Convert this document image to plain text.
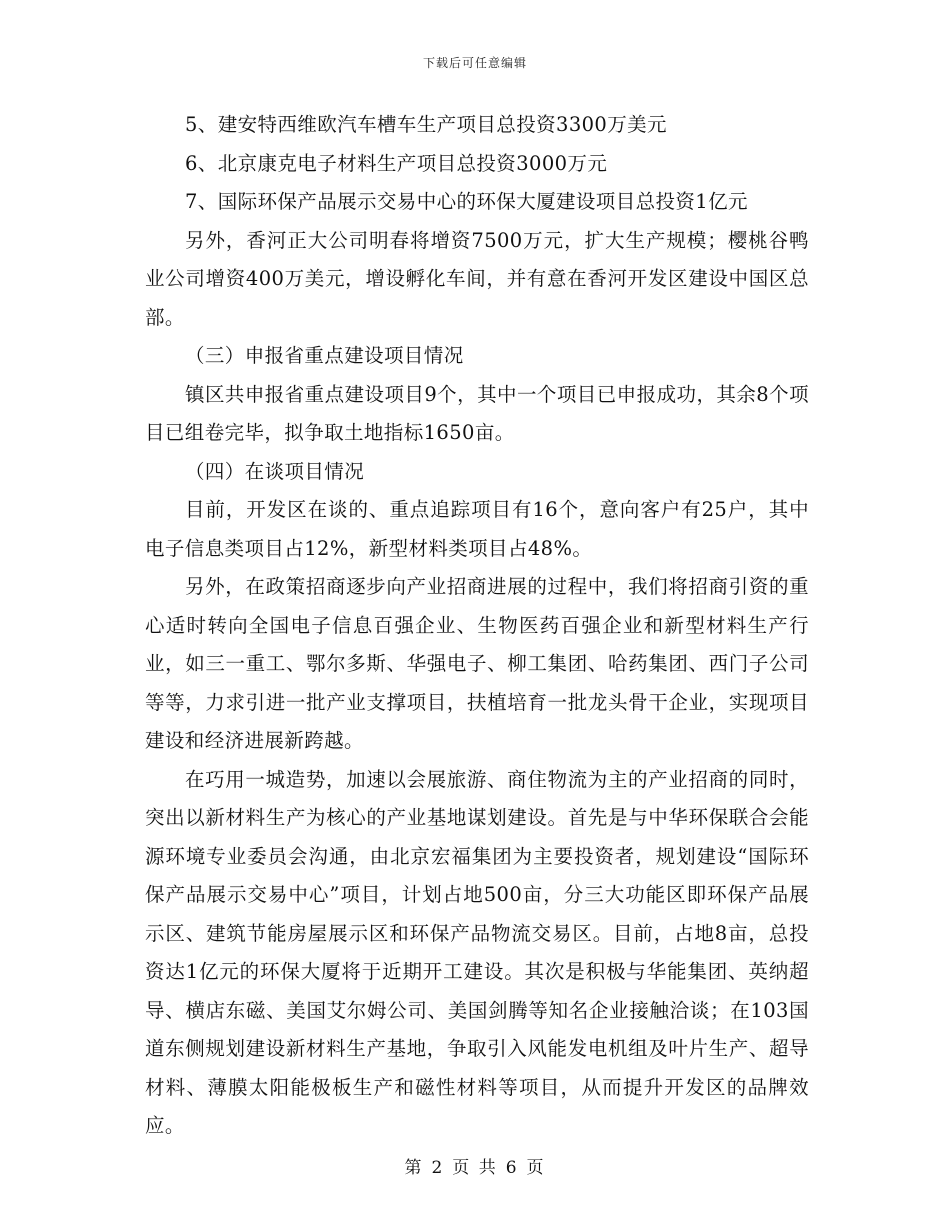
下载后可任意编辑

5、建安特西维欧汽车槽车生产项目总投资3300万美元

6、北京康克电子材料生产项目总投资3000万元

7、国际环保产品展示交易中心的环保大厦建设项目总投资1亿元

另外，香河正大公司明春将增资7500万元，扩大生产规模；樱桃谷鸭业公司增资400万美元，增设孵化车间，并有意在香河开发区建设中国区总部。

（三）申报省重点建设项目情况

镇区共申报省重点建设项目9个，其中一个项目已申报成功，其余8个项目已组卷完毕，拟争取土地指标1650亩。

（四）在谈项目情况

目前，开发区在谈的、重点追踪项目有16个，意向客户有25户，其中电子信息类项目占12%，新型材料类项目占48%。

另外，在政策招商逐步向产业招商进展的过程中，我们将招商引资的重心适时转向全国电子信息百强企业、生物医药百强企业和新型材料生产行业，如三一重工、鄂尔多斯、华强电子、柳工集团、哈药集团、西门子公司等等，力求引进一批产业支撑项目，扶植培育一批龙头骨干企业，实现项目建设和经济进展新跨越。

在巧用一城造势，加速以会展旅游、商住物流为主的产业招商的同时，突出以新材料生产为核心的产业基地谋划建设。首先是与中华环保联合会能源环境专业委员会沟通，由北京宏福集团为主要投资者，规划建设“国际环保产品展示交易中心”项目，计划占地500亩，分三大功能区即环保产品展示区、建筑节能房屋展示区和环保产品物流交易区。目前，占地8亩，总投资达1亿元的环保大厦将于近期开工建设。其次是积极与华能集团、英纳超导、横店东磁、美国艾尔姆公司、美国剑腾等知名企业接触洽谈；在103国道东侧规划建设新材料生产基地，争取引入风能发电机组及叶片生产、超导材料、薄膜太阳能极板生产和磁性材料等项目，从而提升开发区的品牌效应。

第 2 页 共 6 页
